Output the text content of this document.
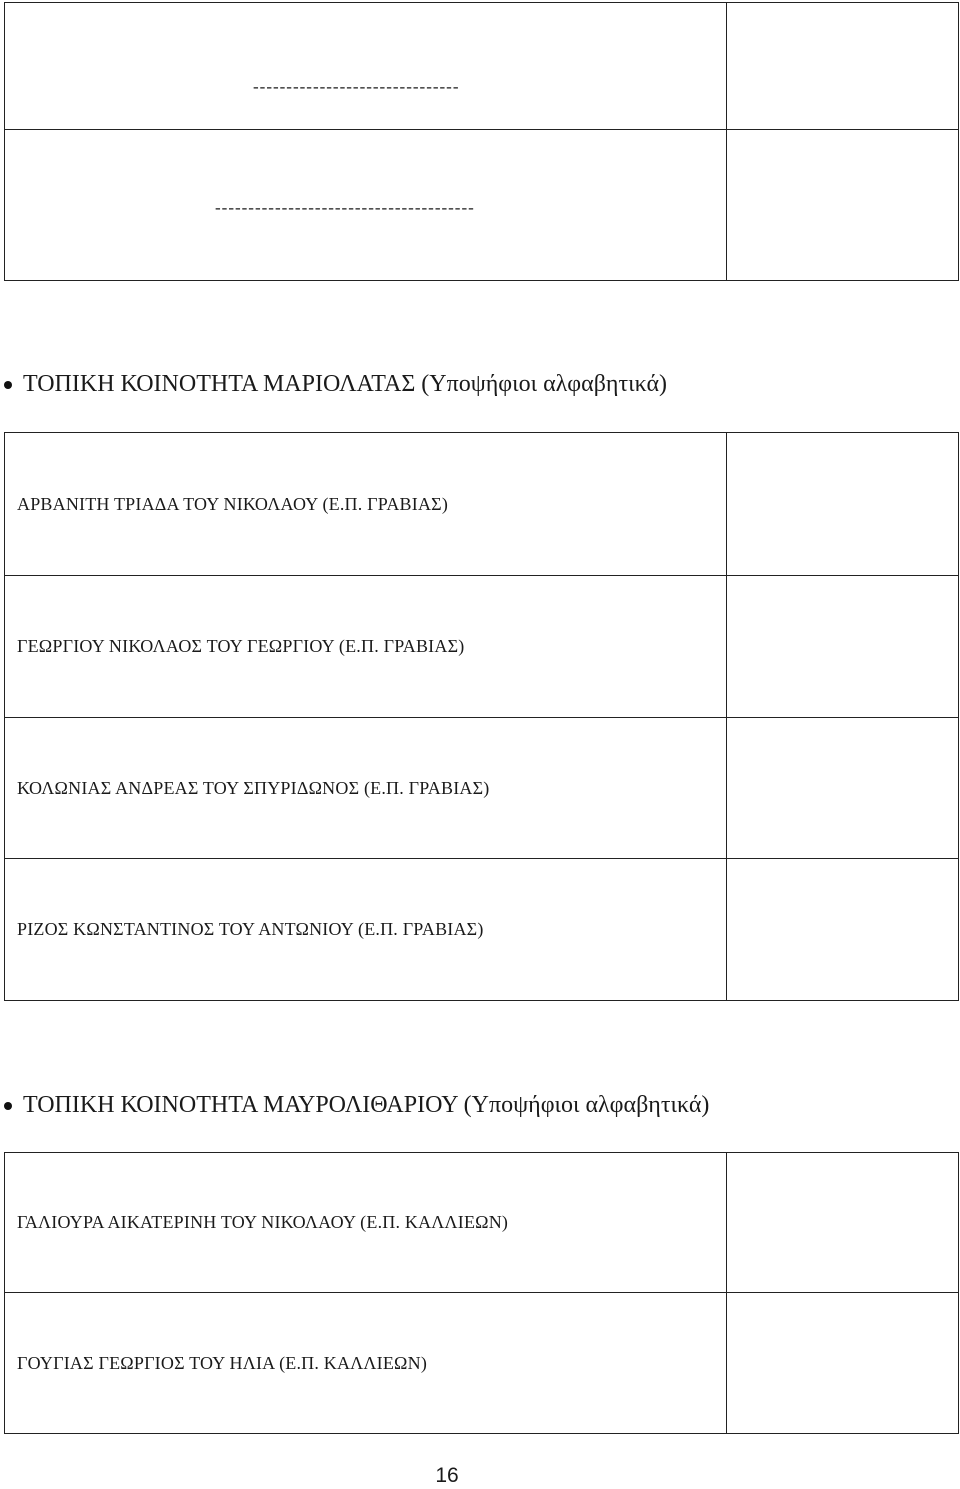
-------------------------------	

---------------------------------------	

ΤΟΠΙΚΗ ΚΟΙΝΟΤΗΤΑ ΜΑΡΙΟΛΑΤΑΣ (Υποψήφιοι αλφαβητικά)
ΑΡΒΑΝΙΤΗ ΤΡΙΑΔΑ ΤΟΥ ΝΙΚΟΛΑΟΥ (Ε.Π. ΓΡΑΒΙΑΣ)	

ΓΕΩΡΓΙΟΥ ΝΙΚΟΛΑΟΣ ΤΟΥ ΓΕΩΡΓΙΟΥ (Ε.Π. ΓΡΑΒΙΑΣ)	

ΚΟΛΩΝΙΑΣ ΑΝΔΡΕΑΣ ΤΟΥ ΣΠΥΡΙΔΩΝΟΣ (Ε.Π. ΓΡΑΒΙΑΣ)	

ΡΙΖΟΣ ΚΩΝΣΤΑΝΤΙΝΟΣ ΤΟΥ ΑΝΤΩΝΙΟΥ (Ε.Π. ΓΡΑΒΙΑΣ)	

ΤΟΠΙΚΗ ΚΟΙΝΟΤΗΤΑ ΜΑΥΡΟΛΙΘΑΡΙΟΥ (Υποψήφιοι αλφαβητικά)
ΓΑΛΙΟΥΡΑ ΑΙΚΑΤΕΡΙΝΗ ΤΟΥ ΝΙΚΟΛΑΟΥ (Ε.Π. ΚΑΛΛΙΕΩΝ)	

ΓΟΥΓΙΑΣ ΓΕΩΡΓΙΟΣ ΤΟΥ ΗΛΙΑ (Ε.Π. ΚΑΛΛΙΕΩΝ)	

16
